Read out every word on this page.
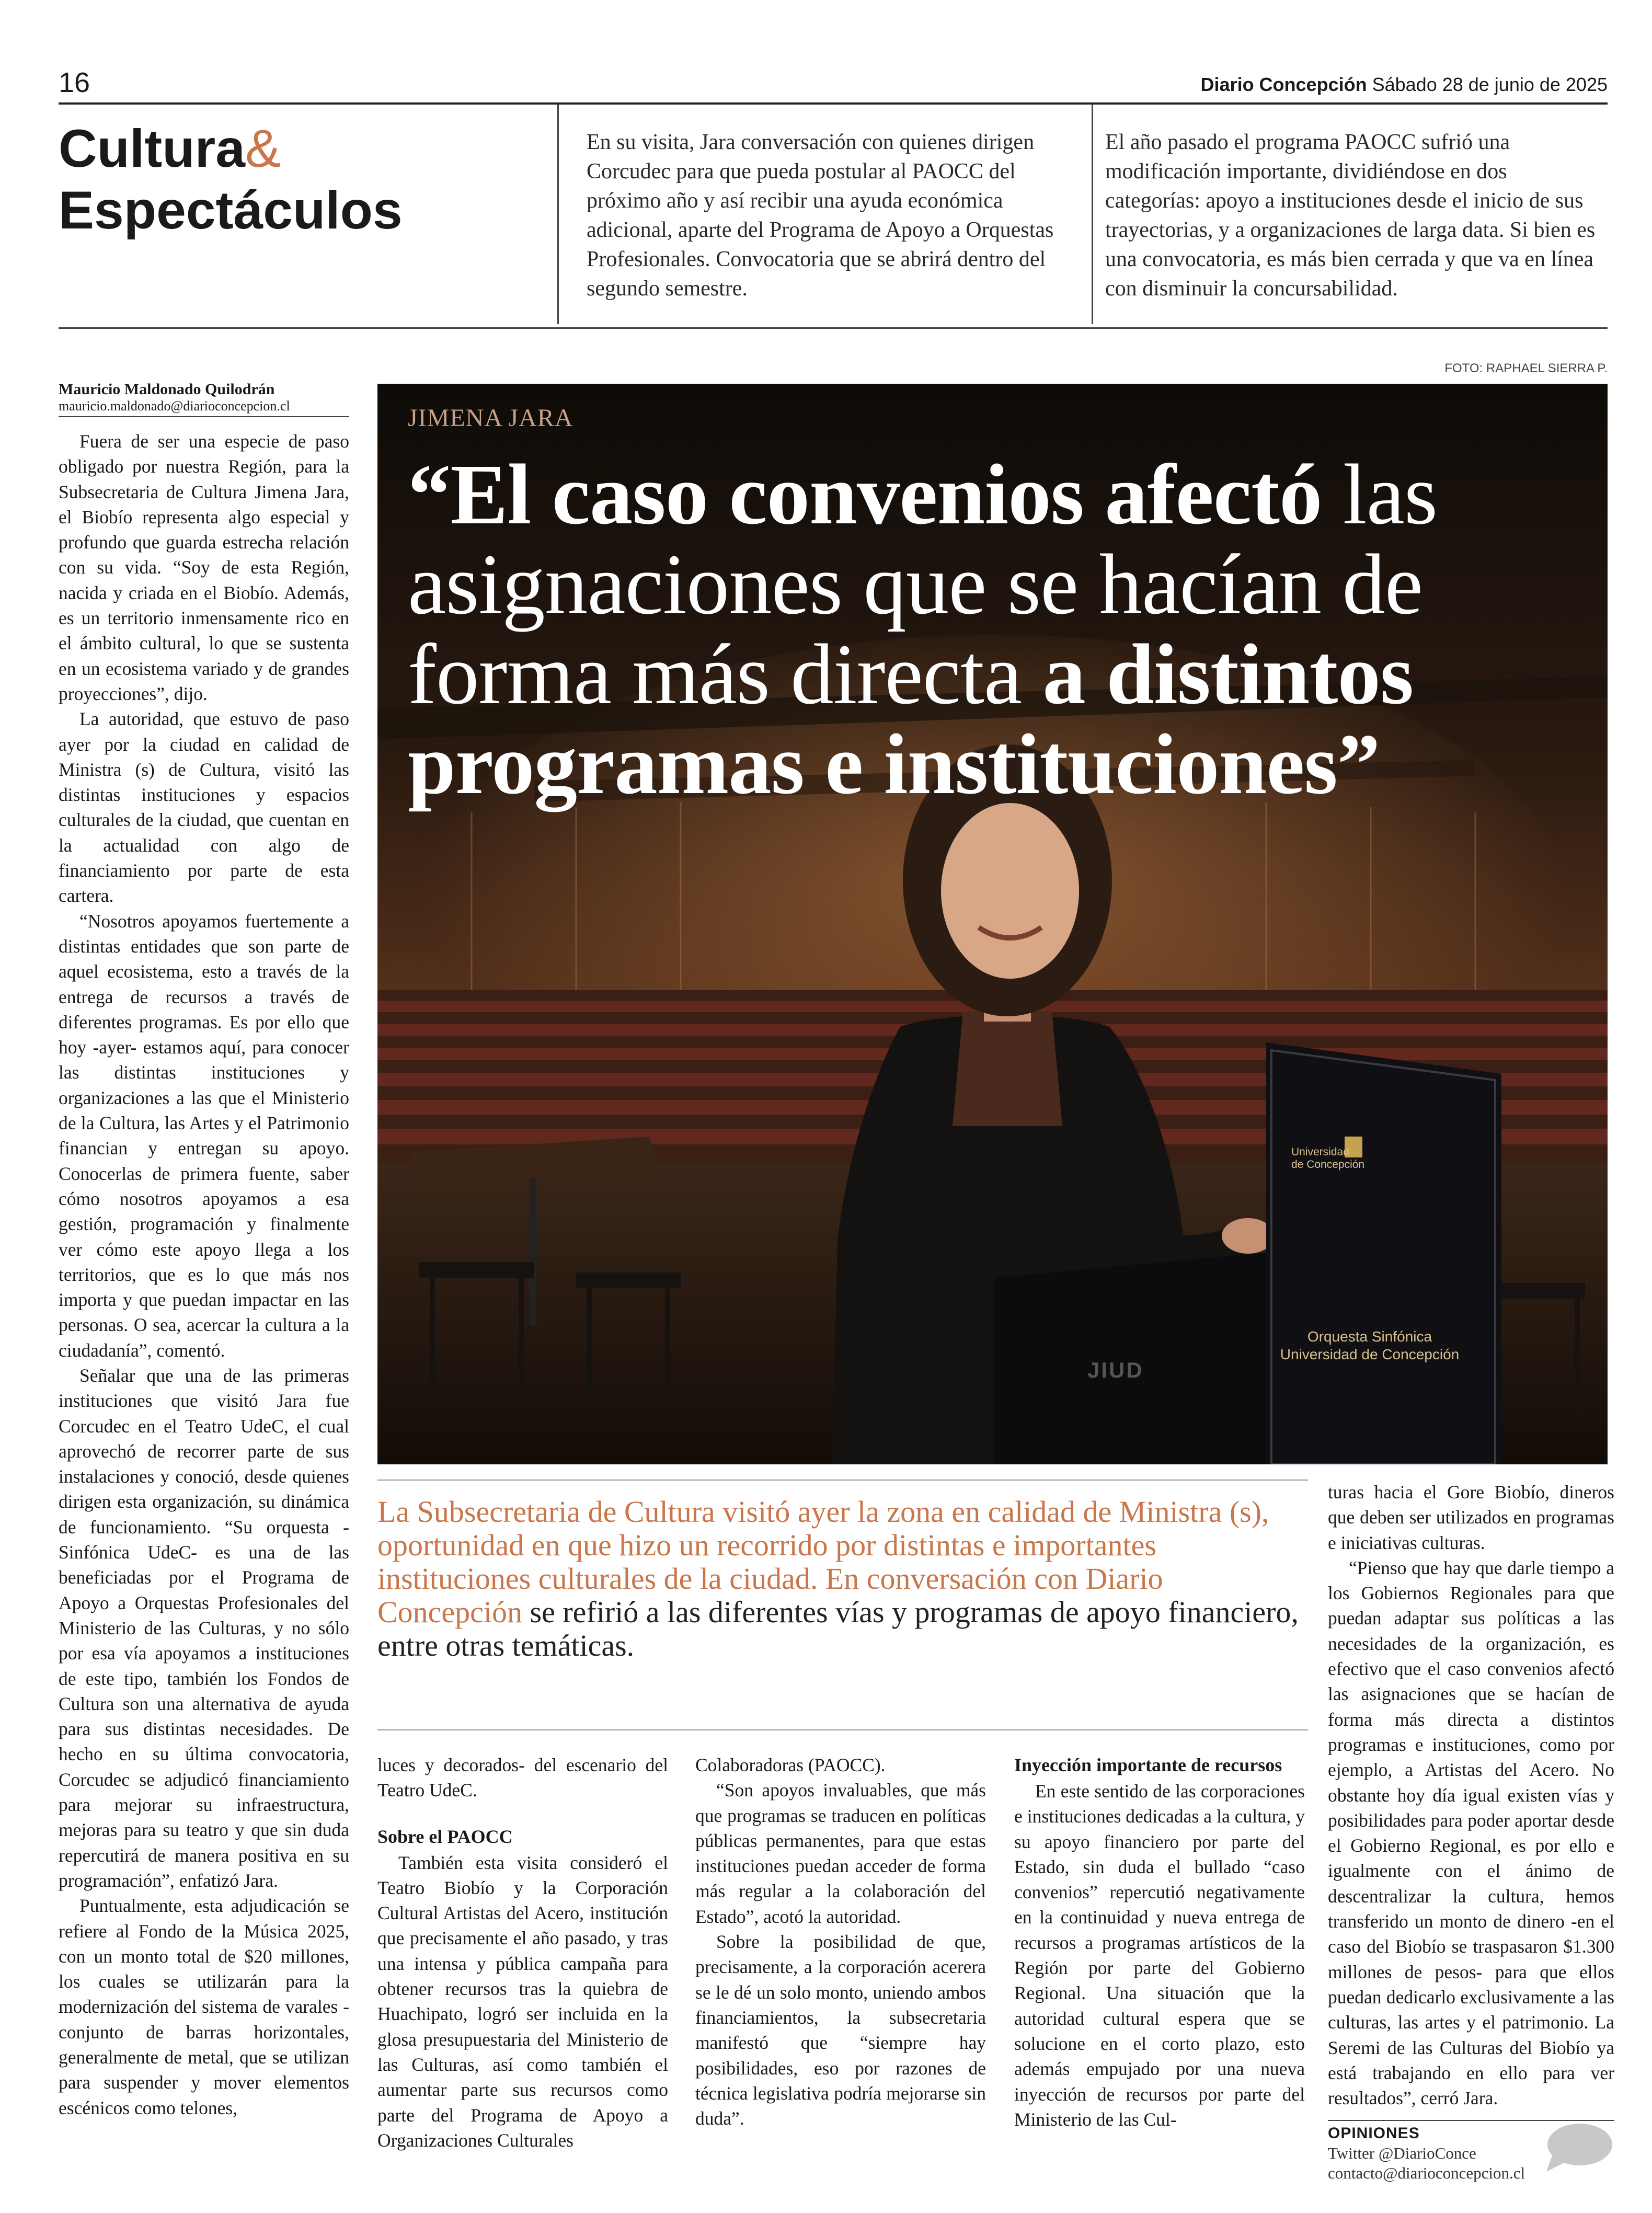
16	Diario Concepción Sábado 28 de junio de 2025
Cultura&
Espectáculos
En su visita, Jara conversación con quienes dirigen Corcudec para que pueda postular al PAOCC del próximo año y así recibir una ayuda económica adicional, aparte del Programa de Apoyo a Orquestas Profesionales. Convocatoria que se abrirá dentro del segundo semestre.
El año pasado el programa PAOCC sufrió una modificación importante, dividiéndose en dos categorías: apoyo a instituciones desde el inicio de sus trayectorias, y a organizaciones de larga data. Si bien es una convocatoria, es más bien cerrada y que va en línea con disminuir la concursabilidad.
Mauricio Maldonado Quilodrán
mauricio.maldonado@diarioconcepcion.cl

Fuera de ser una especie de paso obligado por nuestra Región, para la Subsecretaria de Cultura Jimena Jara, el Biobío representa algo especial y profundo que guarda estrecha relación con su vida. “Soy de esta Región, nacida y criada en el Biobío. Además, es un territorio inmensamente rico en el ámbito cultural, lo que se sustenta en un ecosistema variado y de grandes proyecciones”, dijo.

La autoridad, que estuvo de paso ayer por la ciudad en calidad de Ministra (s) de Cultura, visitó las distintas instituciones y espacios culturales de la ciudad, que cuentan en la actualidad con algo de financiamiento por parte de esta cartera.

“Nosotros apoyamos fuertemente a distintas entidades que son parte de aquel ecosistema, esto a través de la entrega de recursos a través de diferentes programas. Es por ello que hoy -ayer- estamos aquí, para conocer las distintas instituciones y organizaciones a las que el Ministerio de la Cultura, las Artes y el Patrimonio financian y entregan su apoyo. Conocerlas de primera fuente, saber cómo nosotros apoyamos a esa gestión, programación y finalmente ver cómo este apoyo llega a los territorios, que es lo que más nos importa y que puedan impactar en las personas. O sea, acercar la cultura a la ciudadanía”, comentó.

Señalar que una de las primeras instituciones que visitó Jara fue Corcudec en el Teatro UdeC, el cual aprovechó de recorrer parte de sus instalaciones y conoció, desde quienes dirigen esta organización, su dinámica de funcionamiento. “Su orquesta -Sinfónica UdeC- es una de las beneficiadas por el Programa de Apoyo a Orquestas Profesionales del Ministerio de las Culturas, y no sólo por esa vía apoyamos a instituciones de este tipo, también los Fondos de Cultura son una alternativa de ayuda para sus distintas necesidades. De hecho en su última convocatoria, Corcudec se adjudicó financiamiento para mejorar su infraestructura, mejoras para su teatro y que sin duda repercutirá de manera positiva en su programación”, enfatizó Jara.

Puntualmente, esta adjudicación se refiere al Fondo de la Música 2025, con un monto total de $20 millones, los cuales se utilizarán para la modernización del sistema de varales -conjunto de barras horizontales, generalmente de metal, que se utilizan para suspender y mover elementos escénicos como telones,

FOTO: RAPHAEL SIERRA P.
JIMENA JARA
“El caso convenios afectó las asignaciones que se hacían de forma más directa a distintos programas e instituciones”
Universidad
de Concepción
Orquesta Sinfónica
Universidad de Concepción
JIUD
La Subsecretaria de Cultura visitó ayer la zona en calidad de Ministra (s), oportunidad en que hizo un recorrido por distintas e importantes instituciones culturales de la ciudad. En conversación con Diario Concepción se refirió a las diferentes vías y programas de apoyo financiero, entre otras temáticas.

luces y decorados- del escenario del Teatro UdeC.

Sobre el PAOCC

También esta visita consideró el Teatro Biobío y la Corporación Cultural Artistas del Acero, institución que precisamente el año pasado, y tras una intensa y pública campaña para obtener recursos tras la quiebra de Huachipato, logró ser incluida en la glosa presupuestaria del Ministerio de las Culturas, así como también el aumentar parte sus recursos como parte del Programa de Apoyo a Organizaciones Culturales

Colaboradoras (PAOCC).

“Son apoyos invaluables, que más que programas se traducen en políticas públicas permanentes, para que estas instituciones puedan acceder de forma más regular a la colaboración del Estado”, acotó la autoridad.

Sobre la posibilidad de que, precisamente, a la corporación acerera se le dé un solo monto, uniendo ambos financiamientos, la subsecretaria manifestó que “siempre hay posibilidades, eso por razones de técnica legislativa podría mejorarse sin duda”.

Inyección importante de recursos

En este sentido de las corporaciones e instituciones dedicadas a la cultura, y su apoyo financiero por parte del Estado, sin duda el bullado “caso convenios” repercutió negativamente en la continuidad y nueva entrega de recursos a programas artísticos de la Región por parte del Gobierno Regional. Una situación que la autoridad cultural espera que se solucione en el corto plazo, esto además empujado por una nueva inyección de recursos por parte del Ministerio de las Cul-

turas hacia el Gore Biobío, dineros que deben ser utilizados en programas e iniciativas culturas.

“Pienso que hay que darle tiempo a los Gobiernos Regionales para que puedan adaptar sus políticas a las necesidades de la organización, es efectivo que el caso convenios afectó las asignaciones que se hacían de forma más directa a distintos programas e instituciones, como por ejemplo, a Artistas del Acero. No obstante hoy día igual existen vías y posibilidades para poder aportar desde el Gobierno Regional, es por ello e igualmente con el ánimo de descentralizar la cultura, hemos transferido un monto de dinero -en el caso del Biobío se traspasaron $1.300 millones de pesos- para que ellos puedan dedicarlo exclusivamente a las culturas, las artes y el patrimonio. La Seremi de las Culturas del Biobío ya está trabajando en ello para ver resultados”, cerró Jara.

OPINIONES
Twitter @DiarioConce
contacto@diarioconcepcion.cl
